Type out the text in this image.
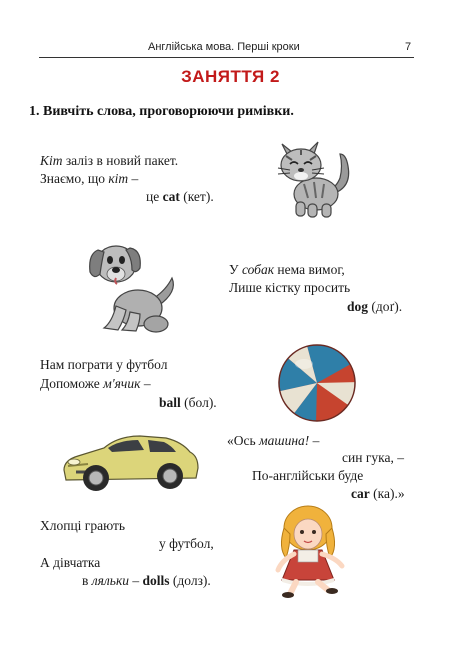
Англійська мова. Перші кроки	7
ЗАНЯТТЯ 2
1. Вивчіть слова, проговорюючи римівки.
Кіт заліз в новий пакет.
Знаємо, що кіт –
це cat (кет).
У собак нема вимог,
Лише кістку просить
dog (доґ).
Нам пограти у футбол
Допоможе м'ячик –
ball (бол).
«Ось машина! –
син гука, –
По-англійськи буде
car (ка).»
Хлопці грають
у футбол,
А дівчатка
в ляльки – dolls (долз).
